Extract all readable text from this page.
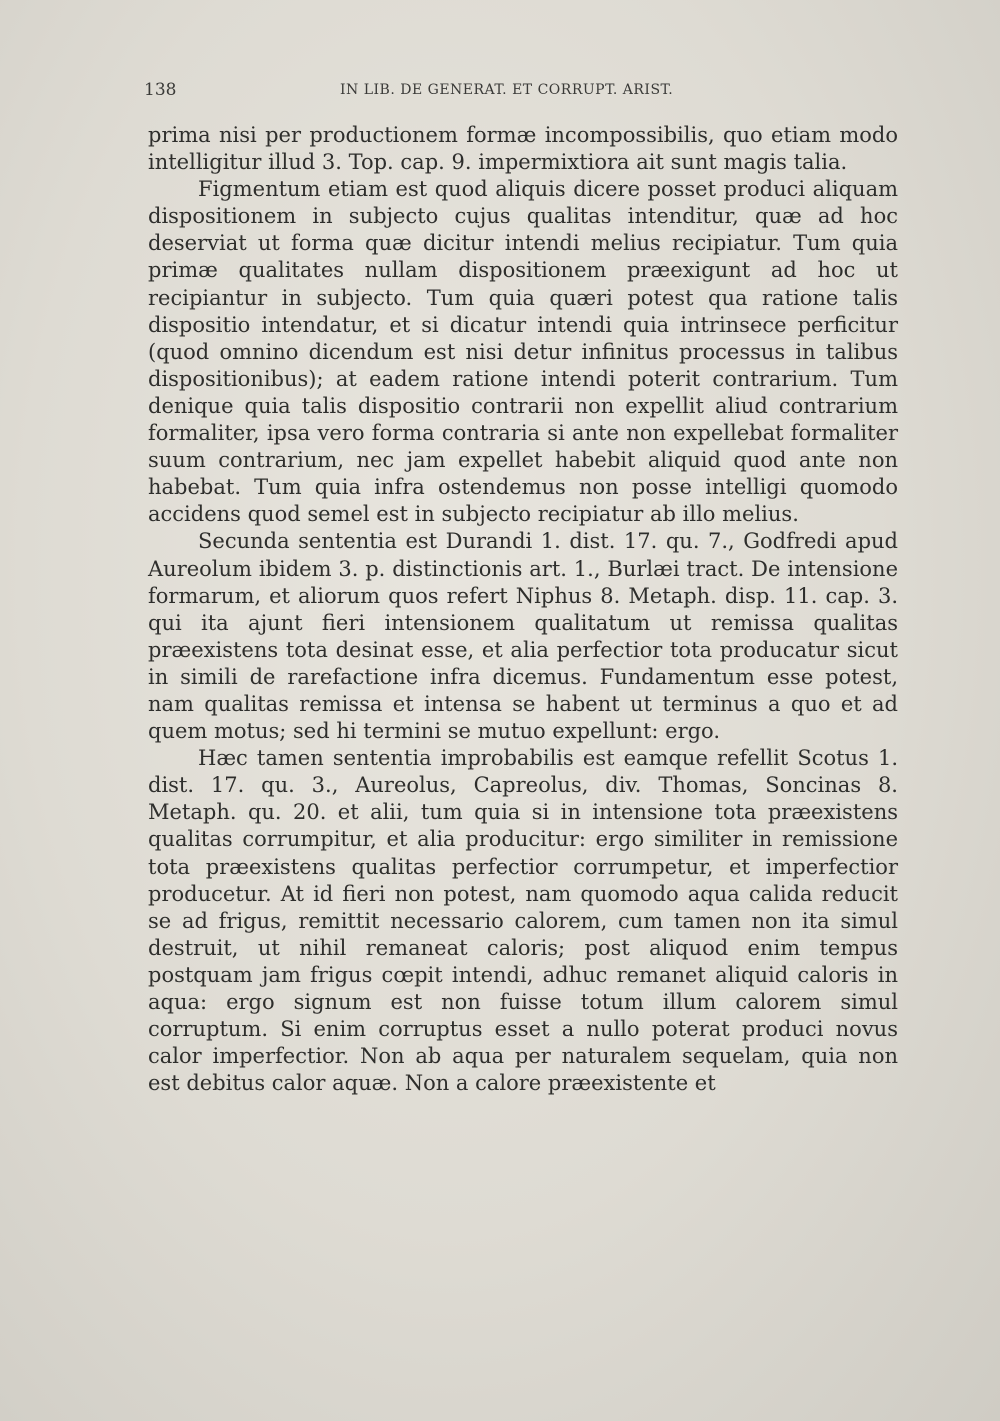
138	IN LIB. DE GENERAT. ET CORRUPT. ARIST.

prima nisi per productionem formæ incompossibilis, quo etiam modo intelligitur illud 3. Top. cap. 9. impermixtiora ait sunt magis talia.

Figmentum etiam est quod aliquis dicere posset produci aliquam dispositionem in subjecto cujus qualitas intenditur, quæ ad hoc deserviat ut forma quæ dicitur intendi melius recipiatur. Tum quia primæ qualitates nullam dispositionem præexigunt ad hoc ut recipiantur in subjecto. Tum quia quæri potest qua ratione talis dispositio intendatur, et si dicatur intendi quia intrinsece perficitur (quod omnino dicendum est nisi detur infinitus processus in talibus dispositionibus); at eadem ratione intendi poterit contrarium. Tum denique quia talis dispositio contrarii non expellit aliud contrarium formaliter, ipsa vero forma contraria si ante non expellebat formaliter suum contrarium, nec jam expellet habebit aliquid quod ante non habebat. Tum quia infra ostendemus non posse intelligi quomodo accidens quod semel est in subjecto recipiatur ab illo melius.

Secunda sententia est Durandi 1. dist. 17. qu. 7., Godfredi apud Aureolum ibidem 3. p. distinctionis art. 1., Burlæi tract. De intensione formarum, et aliorum quos refert Niphus 8. Metaph. disp. 11. cap. 3. qui ita ajunt fieri intensionem qualitatum ut remissa qualitas præexistens tota desinat esse, et alia perfectior tota producatur sicut in simili de rarefactione infra dicemus. Fundamentum esse potest, nam qualitas remissa et intensa se habent ut terminus a quo et ad quem motus; sed hi termini se mutuo expellunt: ergo.

Hæc tamen sententia improbabilis est eamque refellit Scotus 1. dist. 17. qu. 3., Aureolus, Capreolus, div. Thomas, Soncinas 8. Metaph. qu. 20. et alii, tum quia si in intensione tota præexistens qualitas corrumpitur, et alia producitur: ergo similiter in remissione tota præexistens qualitas perfectior corrumpetur, et imperfectior producetur. At id fieri non potest, nam quomodo aqua calida reducit se ad frigus, remittit necessario calorem, cum tamen non ita simul destruit, ut nihil remaneat caloris; post aliquod enim tempus postquam jam frigus cœpit intendi, adhuc remanet aliquid caloris in aqua: ergo signum est non fuisse totum illum calorem simul corruptum. Si enim corruptus esset a nullo poterat produci novus calor imperfectior. Non ab aqua per naturalem sequelam, quia non est debitus calor aquæ. Non a calore præexistente et
